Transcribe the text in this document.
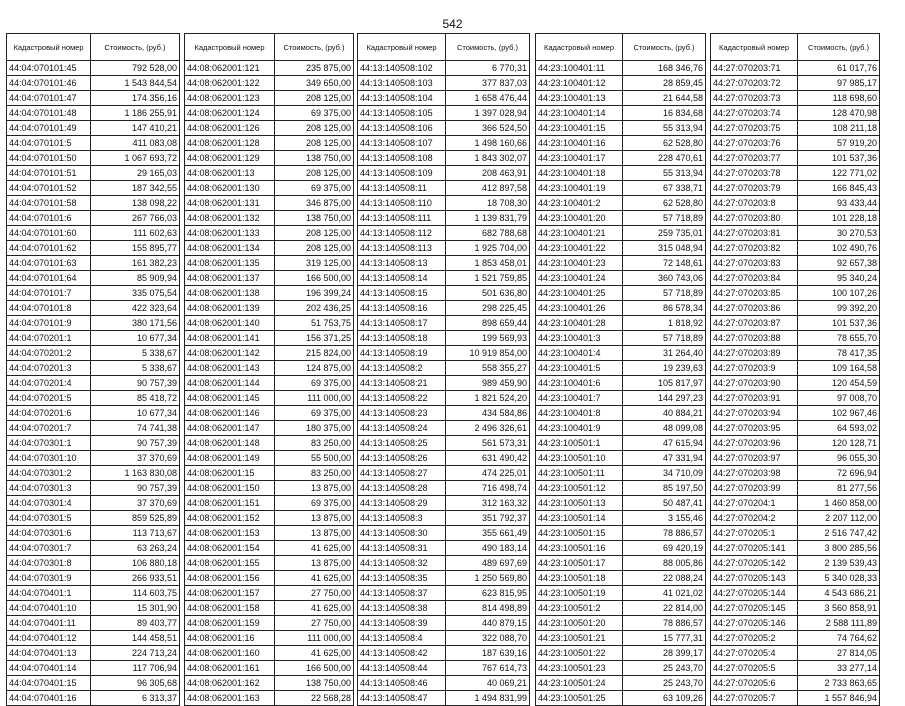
542
Кадастровый номер	Стоимость, (руб.)
44:04:070101:45	792 528,00
44:04:070101:46	1 543 844,54
44:04:070101:47	174 356,16
44:04:070101:48	1 186 255,91
44:04:070101:49	147 410,21
44:04:070101:5	411 083,08
44:04:070101:50	1 067 693,72
44:04:070101:51	29 165,03
44:04:070101:52	187 342,55
44:04:070101:58	138 098,22
44:04:070101:6	267 766,03
44:04:070101:60	111 602,63
44:04:070101:62	155 895,77
44:04:070101:63	161 382,23
44:04:070101:64	85 909,94
44:04:070101:7	335 075,54
44:04:070101:8	422 323,64
44:04:070101:9	380 171,56
44:04:070201:1	10 677,34
44:04:070201:2	5 338,67
44:04:070201:3	5 338,67
44:04:070201:4	90 757,39
44:04:070201:5	85 418,72
44:04:070201:6	10 677,34
44:04:070201:7	74 741,38
44:04:070301:1	90 757,39
44:04:070301:10	37 370,69
44:04:070301:2	1 163 830,08
44:04:070301:3	90 757,39
44:04:070301:4	37 370,69
44:04:070301:5	859 525,89
44:04:070301:6	113 713,67
44:04:070301:7	63 263,24
44:04:070301:8	106 880,18
44:04:070301:9	266 933,51
44:04:070401:1	114 603,75
44:04:070401:10	15 301,90
44:04:070401:11	89 403,77
44:04:070401:12	144 458,51
44:04:070401:13	224 713,24
44:04:070401:14	117 706,94
44:04:070401:15	96 305,68
44:04:070401:16	6 313,37
Кадастровый номер	Стоимость, (руб.)
44:08:062001:121	235 875,00
44:08:062001:122	349 650,00
44:08:062001:123	208 125,00
44:08:062001:124	69 375,00
44:08:062001:126	208 125,00
44:08:062001:128	208 125,00
44:08:062001:129	138 750,00
44:08:062001:13	208 125,00
44:08:062001:130	69 375,00
44:08:062001:131	346 875,00
44:08:062001:132	138 750,00
44:08:062001:133	208 125,00
44:08:062001:134	208 125,00
44:08:062001:135	319 125,00
44:08:062001:137	166 500,00
44:08:062001:138	196 399,24
44:08:062001:139	202 436,25
44:08:062001:140	51 753,75
44:08:062001:141	156 371,25
44:08:062001:142	215 824,00
44:08:062001:143	124 875,00
44:08:062001:144	69 375,00
44:08:062001:145	111 000,00
44:08:062001:146	69 375,00
44:08:062001:147	180 375,00
44:08:062001:148	83 250,00
44:08:062001:149	55 500,00
44:08:062001:15	83 250,00
44:08:062001:150	13 875,00
44:08:062001:151	69 375,00
44:08:062001:152	13 875,00
44:08:062001:153	13 875,00
44:08:062001:154	41 625,00
44:08:062001:155	13 875,00
44:08:062001:156	41 625,00
44:08:062001:157	27 750,00
44:08:062001:158	41 625,00
44:08:062001:159	27 750,00
44:08:062001:16	111 000,00
44:08:062001:160	41 625,00
44:08:062001:161	166 500,00
44:08:062001:162	138 750,00
44:08:062001:163	22 568,28
Кадастровый номер	Стоимость, (руб.)
44:13:140508:102	6 770,31
44:13:140508:103	377 837,03
44:13:140508:104	1 658 476,44
44:13:140508:105	1 397 028,94
44:13:140508:106	366 524,50
44:13:140508:107	1 498 160,66
44:13:140508:108	1 843 302,07
44:13:140508:109	208 463,91
44:13:140508:11	412 897,58
44:13:140508:110	18 708,30
44:13:140508:111	1 139 831,79
44:13:140508:112	682 788,68
44:13:140508:113	1 925 704,00
44:13:140508:13	1 853 458,01
44:13:140508:14	1 521 759,85
44:13:140508:15	501 636,80
44:13:140508:16	298 225,45
44:13:140508:17	898 659,44
44:13:140508:18	199 569,93
44:13:140508:19	10 919 854,00
44:13:140508:2	558 355,27
44:13:140508:21	989 459,90
44:13:140508:22	1 821 524,20
44:13:140508:23	434 584,86
44:13:140508:24	2 496 326,61
44:13:140508:25	561 573,31
44:13:140508:26	631 490,42
44:13:140508:27	474 225,01
44:13:140508:28	716 498,74
44:13:140508:29	312 163,32
44:13:140508:3	351 792,37
44:13:140508:30	355 661,49
44:13:140508:31	490 183,14
44:13:140508:32	489 697,69
44:13:140508:35	1 250 569,80
44:13:140508:37	623 815,95
44:13:140508:38	814 498,89
44:13:140508:39	440 879,15
44:13:140508:4	322 088,70
44:13:140508:42	187 639,16
44:13:140508:44	767 614,73
44:13:140508:46	40 069,21
44:13:140508:47	1 494 831,99
Кадастровый номер	Стоимость, (руб.)
44:23:100401:11	168 346,76
44:23:100401:12	28 859,45
44:23:100401:13	21 644,58
44:23:100401:14	16 834,68
44:23:100401:15	55 313,94
44:23:100401:16	62 528,80
44:23:100401:17	228 470,61
44:23:100401:18	55 313,94
44:23:100401:19	67 338,71
44:23:100401:2	62 528,80
44:23:100401:20	57 718,89
44:23:100401:21	259 735,01
44:23:100401:22	315 048,94
44:23:100401:23	72 148,61
44:23:100401:24	360 743,06
44:23:100401:25	57 718,89
44:23:100401:26	86 578,34
44:23:100401:28	1 818,92
44:23:100401:3	57 718,89
44:23:100401:4	31 264,40
44:23:100401:5	19 239,63
44:23:100401:6	105 817,97
44:23:100401:7	144 297,23
44:23:100401:8	40 884,21
44:23:100401:9	48 099,08
44:23:100501:1	47 615,94
44:23:100501:10	47 331,94
44:23:100501:11	34 710,09
44:23:100501:12	85 197,50
44:23:100501:13	50 487,41
44:23:100501:14	3 155,46
44:23:100501:15	78 886,57
44:23:100501:16	69 420,19
44:23:100501:17	88 005,86
44:23:100501:18	22 088,24
44:23:100501:19	41 021,02
44:23:100501:2	22 814,00
44:23:100501:20	78 886,57
44:23:100501:21	15 777,31
44:23:100501:22	28 399,17
44:23:100501:23	25 243,70
44:23:100501:24	25 243,70
44:23:100501:25	63 109,26
Кадастровый номер	Стоимость, (руб.)
44:27:070203:71	61 017,76
44:27:070203:72	97 985,17
44:27:070203:73	118 698,60
44:27:070203:74	128 470,98
44:27:070203:75	108 211,18
44:27:070203:76	57 919,20
44:27:070203:77	101 537,36
44:27:070203:78	122 771,02
44:27:070203:79	166 845,43
44:27:070203:8	93 433,44
44:27:070203:80	101 228,18
44:27:070203:81	30 270,53
44:27:070203:82	102 490,76
44:27:070203:83	92 657,38
44:27:070203:84	95 340,24
44:27:070203:85	100 107,26
44:27:070203:86	99 392,20
44:27:070203:87	101 537,36
44:27:070203:88	78 655,70
44:27:070203:89	78 417,35
44:27:070203:9	109 164,58
44:27:070203:90	120 454,59
44:27:070203:91	97 008,70
44:27:070203:94	102 967,46
44:27:070203:95	64 593,02
44:27:070203:96	120 128,71
44:27:070203:97	96 055,30
44:27:070203:98	72 696,94
44:27:070203:99	81 277,56
44:27:070204:1	1 460 858,00
44:27:070204:2	2 207 112,00
44:27:070205:1	2 516 747,42
44:27:070205:141	3 800 285,56
44:27:070205:142	2 139 539,43
44:27:070205:143	5 340 028,33
44:27:070205:144	4 543 686,21
44:27:070205:145	3 560 858,91
44:27:070205:146	2 588 111,89
44:27:070205:2	74 764,62
44:27:070205:4	27 814,05
44:27:070205:5	33 277,14
44:27:070205:6	2 733 863,65
44:27:070205:7	1 557 846,94
